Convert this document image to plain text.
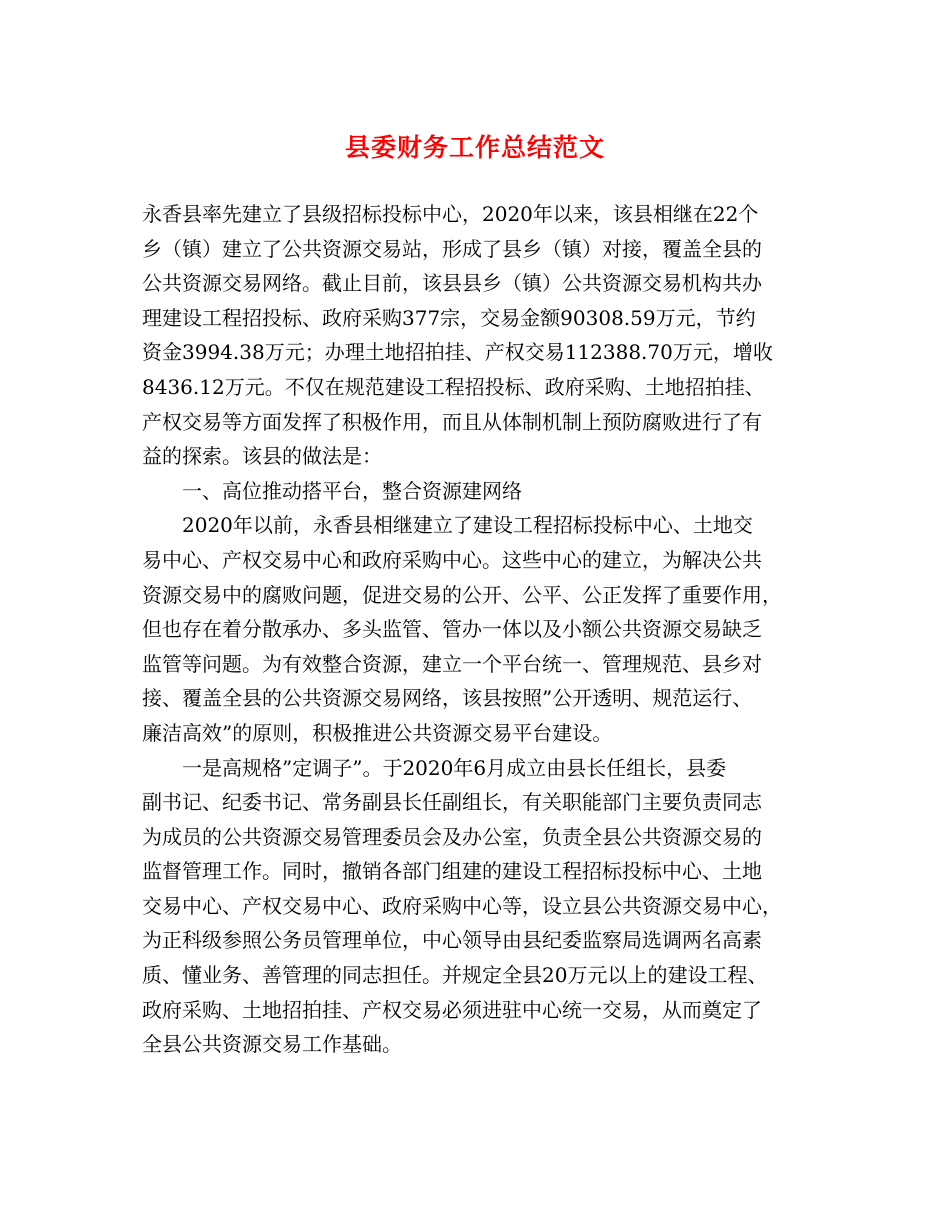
县委财务工作总结范文

永香县率先建立了县级招标投标中心，2020年以来，该县相继在22个

乡（镇）建立了公共资源交易站，形成了县乡（镇）对接，覆盖全县的

公共资源交易网络。截止目前，该县县乡（镇）公共资源交易机构共办

理建设工程招投标、政府采购377宗，交易金额90308.59万元，节约

资金3994.38万元；办理土地招拍挂、产权交易112388.70万元，增收

8436.12万元。不仅在规范建设工程招投标、政府采购、土地招拍挂、

产权交易等方面发挥了积极作用，而且从体制机制上预防腐败进行了有

益的探索。该县的做法是：

一、高位推动搭平台，整合资源建网络

2020年以前，永香县相继建立了建设工程招标投标中心、土地交

易中心、产权交易中心和政府采购中心。这些中心的建立，为解决公共

资源交易中的腐败问题，促进交易的公开、公平、公正发挥了重要作用，

但也存在着分散承办、多头监管、管办一体以及小额公共资源交易缺乏

监管等问题。为有效整合资源，建立一个平台统一、管理规范、县乡对

接、覆盖全县的公共资源交易网络，该县按照”公开透明、规范运行、

廉洁高效”的原则，积极推进公共资源交易平台建设。

一是高规格”定调子”。于2020年6月成立由县长任组长，县委

副书记、纪委书记、常务副县长任副组长，有关职能部门主要负责同志

为成员的公共资源交易管理委员会及办公室，负责全县公共资源交易的

监督管理工作。同时，撤销各部门组建的建设工程招标投标中心、土地

交易中心、产权交易中心、政府采购中心等，设立县公共资源交易中心，

为正科级参照公务员管理单位，中心领导由县纪委监察局选调两名高素

质、懂业务、善管理的同志担任。并规定全县20万元以上的建设工程、

政府采购、土地招拍挂、产权交易必须进驻中心统一交易，从而奠定了

全县公共资源交易工作基础。
